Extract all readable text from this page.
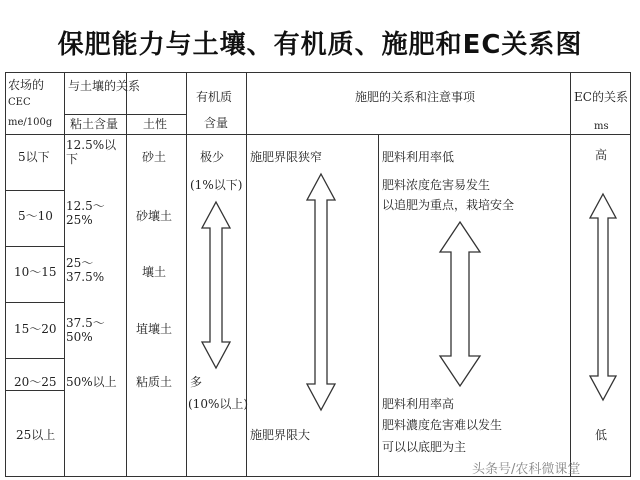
保肥能力与土壤、有机质、施肥和EC关系图
农场的
CEC
me/100g
与土壤的关系
粘土含量 土性
有机质
含量
施肥的关系和注意事项	EC的关系
ms
5以下
5～10
10～15
15～20
20～25
25以上
12.5%以下
12.5～25%
25～37.5%
37.5～50%
50%以上
砂土
砂壤土
壤土
埴壤土
粘质土
极少
(1%以下)
多
(10%以上)
施肥界限狭窄
施肥界限大
肥料利用率低
肥料浓度危害易发生
以追肥为重点，栽培安全
肥料利用率高
肥料濃度危害难以发生
可以以底肥为主
高
低
头条号/农科微课堂
